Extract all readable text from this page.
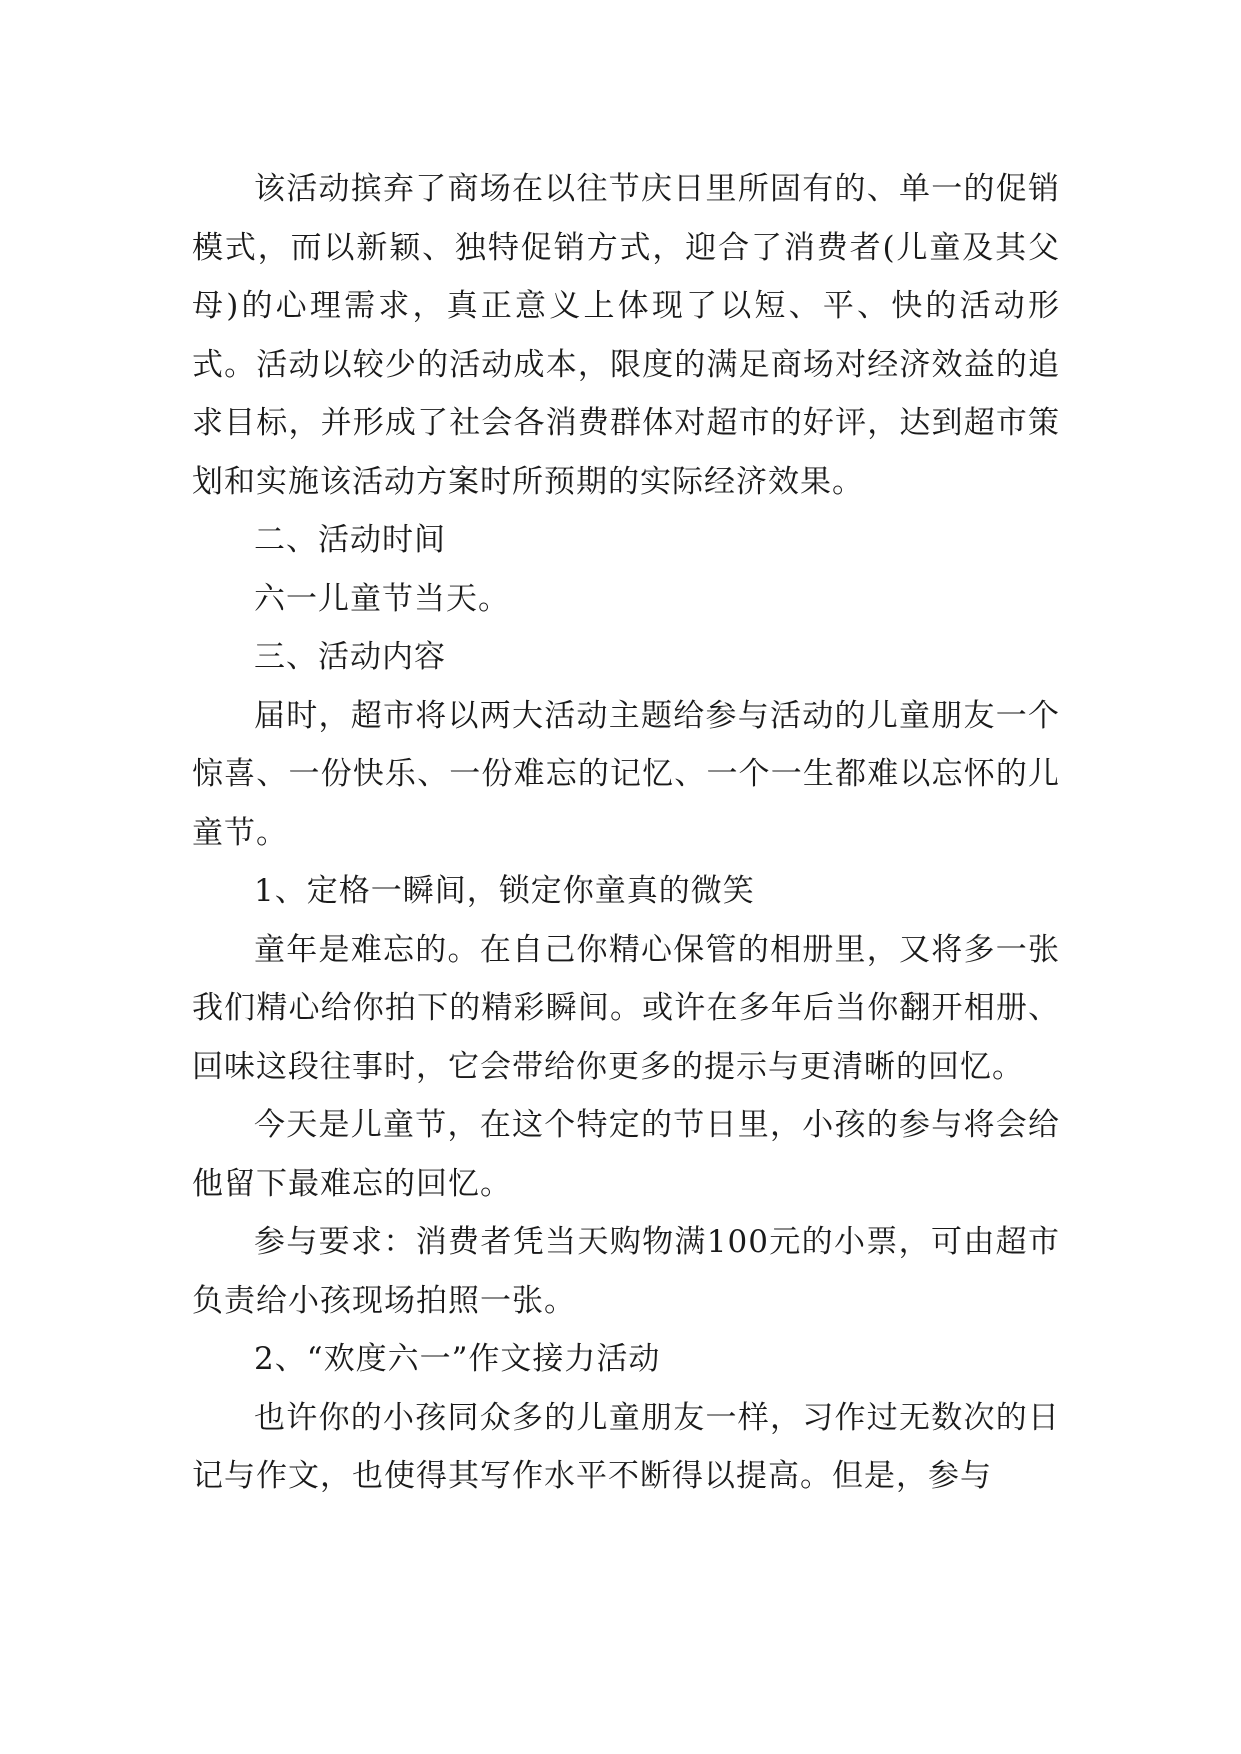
该活动摈弃了商场在以往节庆日里所固有的、单一的促销模式，而以新颖、独特促销方式，迎合了消费者(儿童及其父母)的心理需求，真正意义上体现了以短、平、快的活动形式。活动以较少的活动成本，限度的满足商场对经济效益的追求目标，并形成了社会各消费群体对超市的好评，达到超市策划和实施该活动方案时所预期的实际经济效果。

二、活动时间

六一儿童节当天。

三、活动内容

届时，超市将以两大活动主题给参与活动的儿童朋友一个惊喜、一份快乐、一份难忘的记忆、一个一生都难以忘怀的儿童节。

1、定格一瞬间，锁定你童真的微笑

童年是难忘的。在自己你精心保管的相册里，又将多一张我们精心给你拍下的精彩瞬间。或许在多年后当你翻开相册、回味这段往事时，它会带给你更多的提示与更清晰的回忆。

今天是儿童节，在这个特定的节日里，小孩的参与将会给他留下最难忘的回忆。

参与要求：消费者凭当天购物满100元的小票，可由超市负责给小孩现场拍照一张。

2、“欢度六一”作文接力活动

也许你的小孩同众多的儿童朋友一样，习作过无数次的日记与作文，也使得其写作水平不断得以提高。但是，参与
